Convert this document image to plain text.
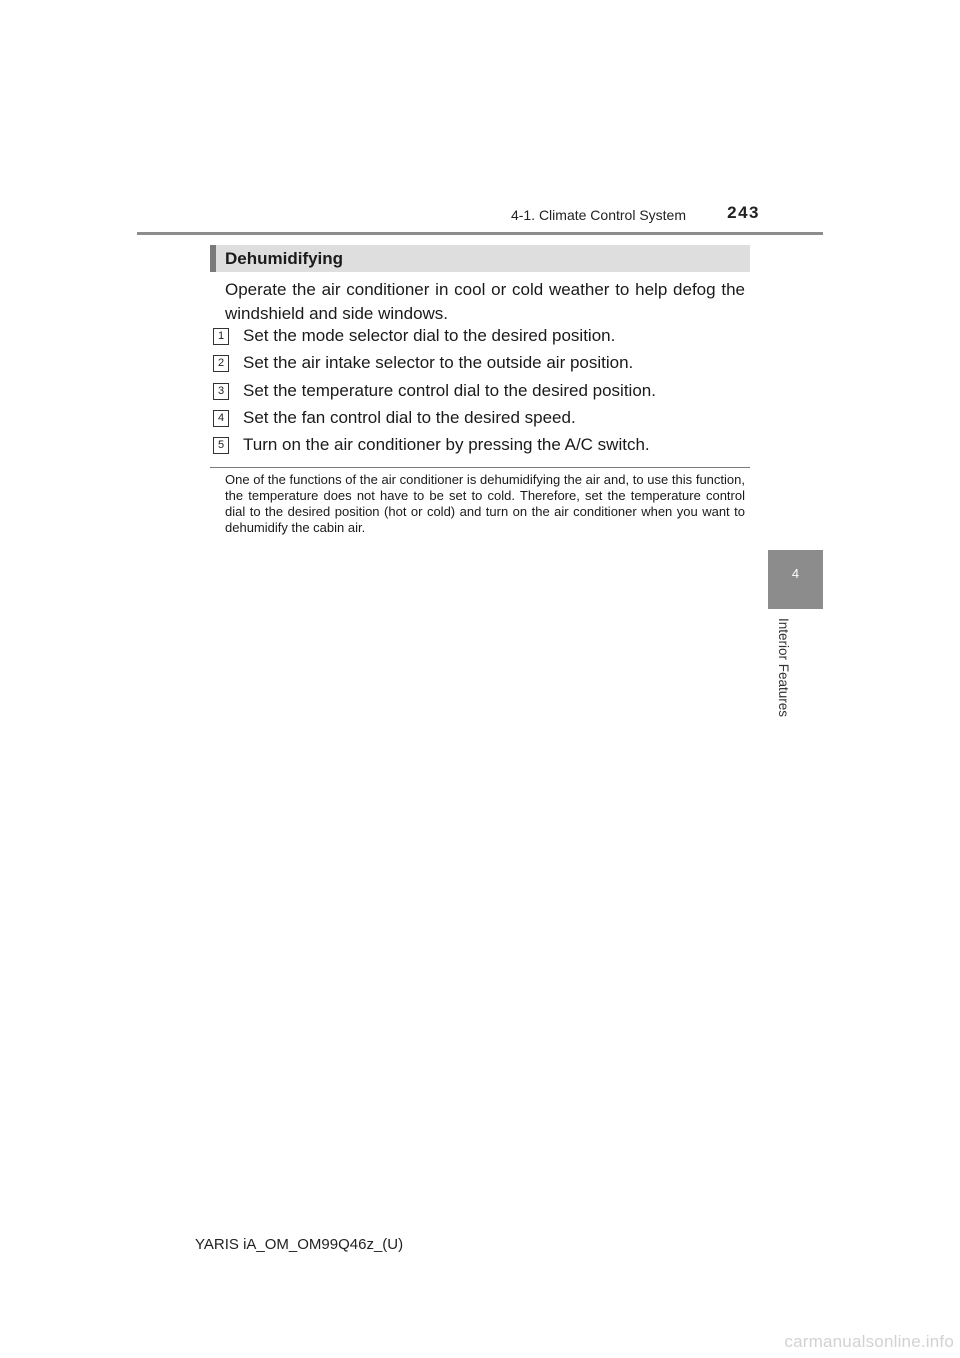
4-1. Climate Control System	243
4
Interior Features
Dehumidifying
Operate the air conditioner in cool or cold weather to help defog the windshield and side windows.
1 Set the mode selector dial to the desired position.
2 Set the air intake selector to the outside air position.
3 Set the temperature control dial to the desired position.
4 Set the fan control dial to the desired speed.
5 Turn on the air conditioner by pressing the A/C switch.
One of the functions of the air conditioner is dehumidifying the air and, to use this function, the temperature does not have to be set to cold. Therefore, set the temperature control dial to the desired position (hot or cold) and turn on the air conditioner when you want to dehumidify the cabin air.
YARIS iA_OM_OM99Q46z_(U)
carmanualsonline.info
